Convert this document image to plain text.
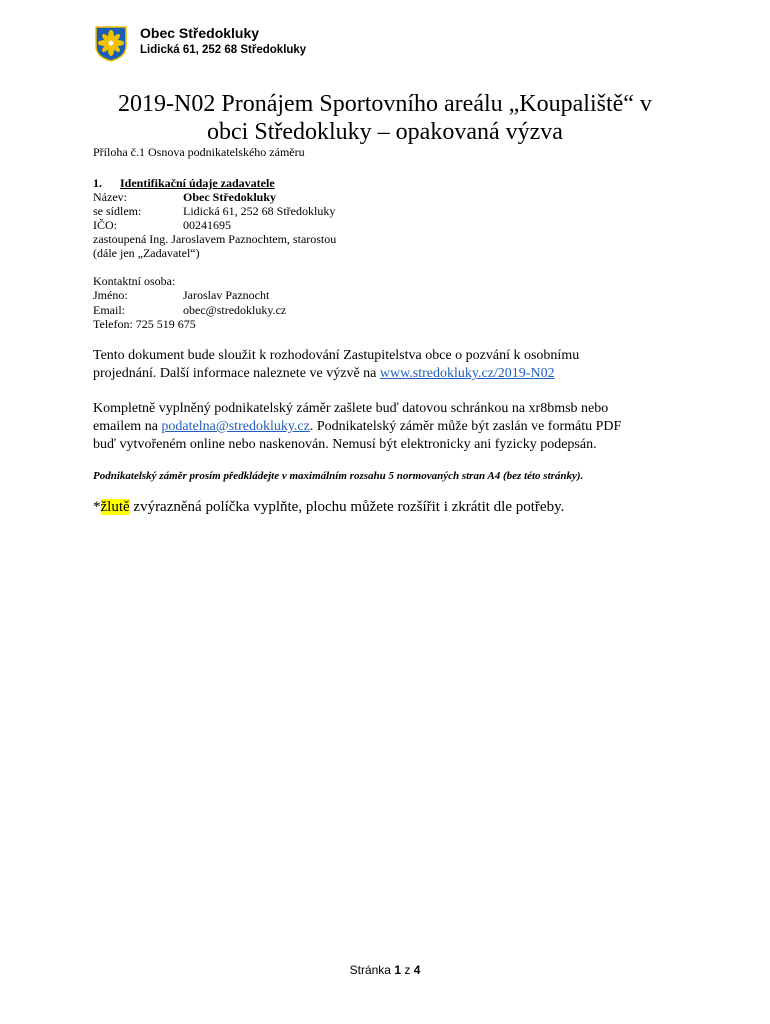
Obec Středokluky
Lidická 61, 252 68 Středokluky
2019-N02 Pronájem Sportovního areálu „Koupaliště“ v
obci Středokluky – opakovaná výzva
Příloha č.1 Osnova podnikatelského záměru
1. Identifikační údaje zadavatele
Název:	Obec Středokluky
se sídlem:	Lidická 61, 252 68 Středokluky
IČO:	00241695
zastoupená Ing. Jaroslavem Paznochtem, starostou
(dále jen „Zadavatel“)
Kontaktní osoba:
Jméno:	Jaroslav Paznocht
Email:	obec@stredokluky.cz
Telefon: 725 519 675
Tento dokument bude sloužit k rozhodování Zastupitelstva obce o pozvání k osobnímu
projednání. Další informace naleznete ve výzvě na www.stredokluky.cz/2019-N02
Kompletně vyplněný podnikatelský záměr zašlete buď datovou schránkou na xr8bmsb nebo
emailem na podatelna@stredokluky.cz. Podnikatelský záměr může být zaslán ve formátu PDF
buď vytvořeném online nebo naskenován. Nemusí být elektronicky ani fyzicky podepsán.
Podnikatelský záměr prosím předkládejte v maximálním rozsahu 5 normovaných stran A4 (bez této stránky).
*žlutě zvýrazněná políčka vyplňte, plochu můžete rozšířit i zkrátit dle potřeby.
Stránka 1 z 4
